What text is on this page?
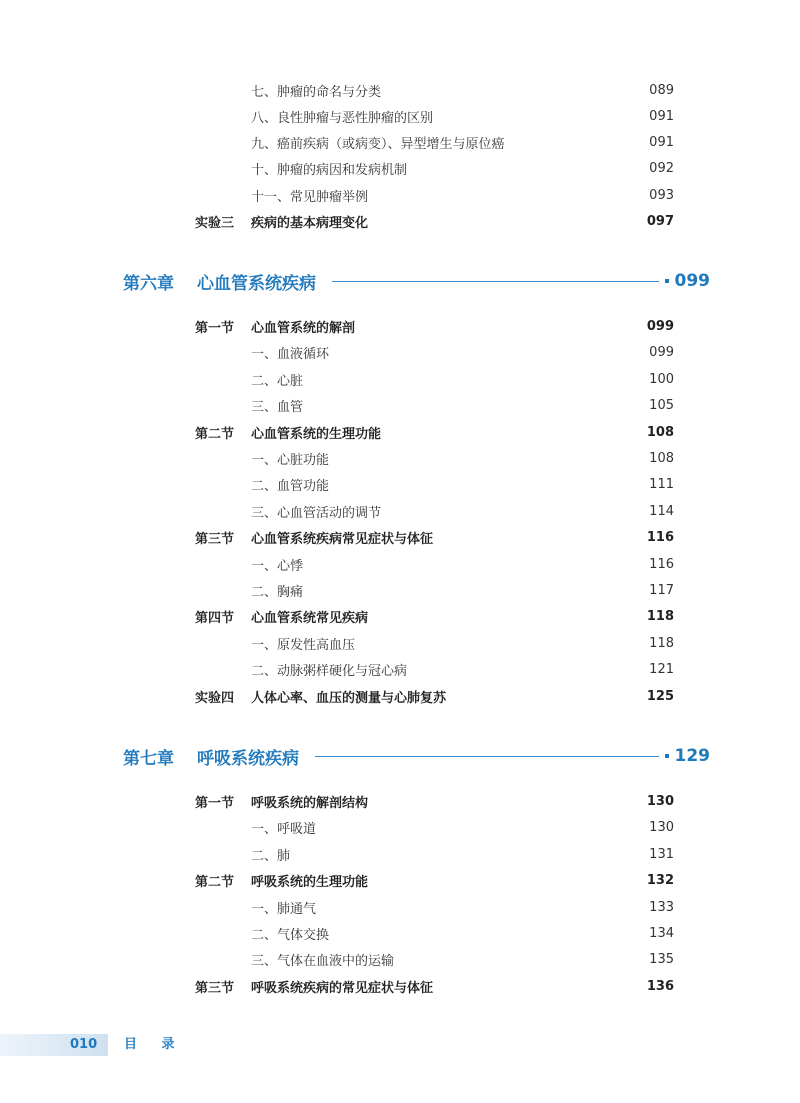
七、肿瘤的命名与分类	089
八、良性肿瘤与恶性肿瘤的区别	091
九、癌前疾病（或病变）、异型增生与原位癌	091
十、肿瘤的病因和发病机制	092
十一、常见肿瘤举例	093
实验三	疾病的基本病理变化	097
第六章	心血管系统疾病	099
第一节	心血管系统的解剖	099
一、血液循环	099
二、心脏	100
三、血管	105
第二节	心血管系统的生理功能	108
一、心脏功能	108
二、血管功能	111
三、心血管活动的调节	114
第三节	心血管系统疾病常见症状与体征	116
一、心悸	116
二、胸痛	117
第四节	心血管系统常见疾病	118
一、原发性高血压	118
二、动脉粥样硬化与冠心病	121
实验四	人体心率、血压的测量与心肺复苏	125
第七章	呼吸系统疾病	129
第一节	呼吸系统的解剖结构	130
一、呼吸道	130
二、肺	131
第二节	呼吸系统的生理功能	132
一、肺通气	133
二、气体交换	134
三、气体在血液中的运输	135
第三节	呼吸系统疾病的常见症状与体征	136
010 目 录
